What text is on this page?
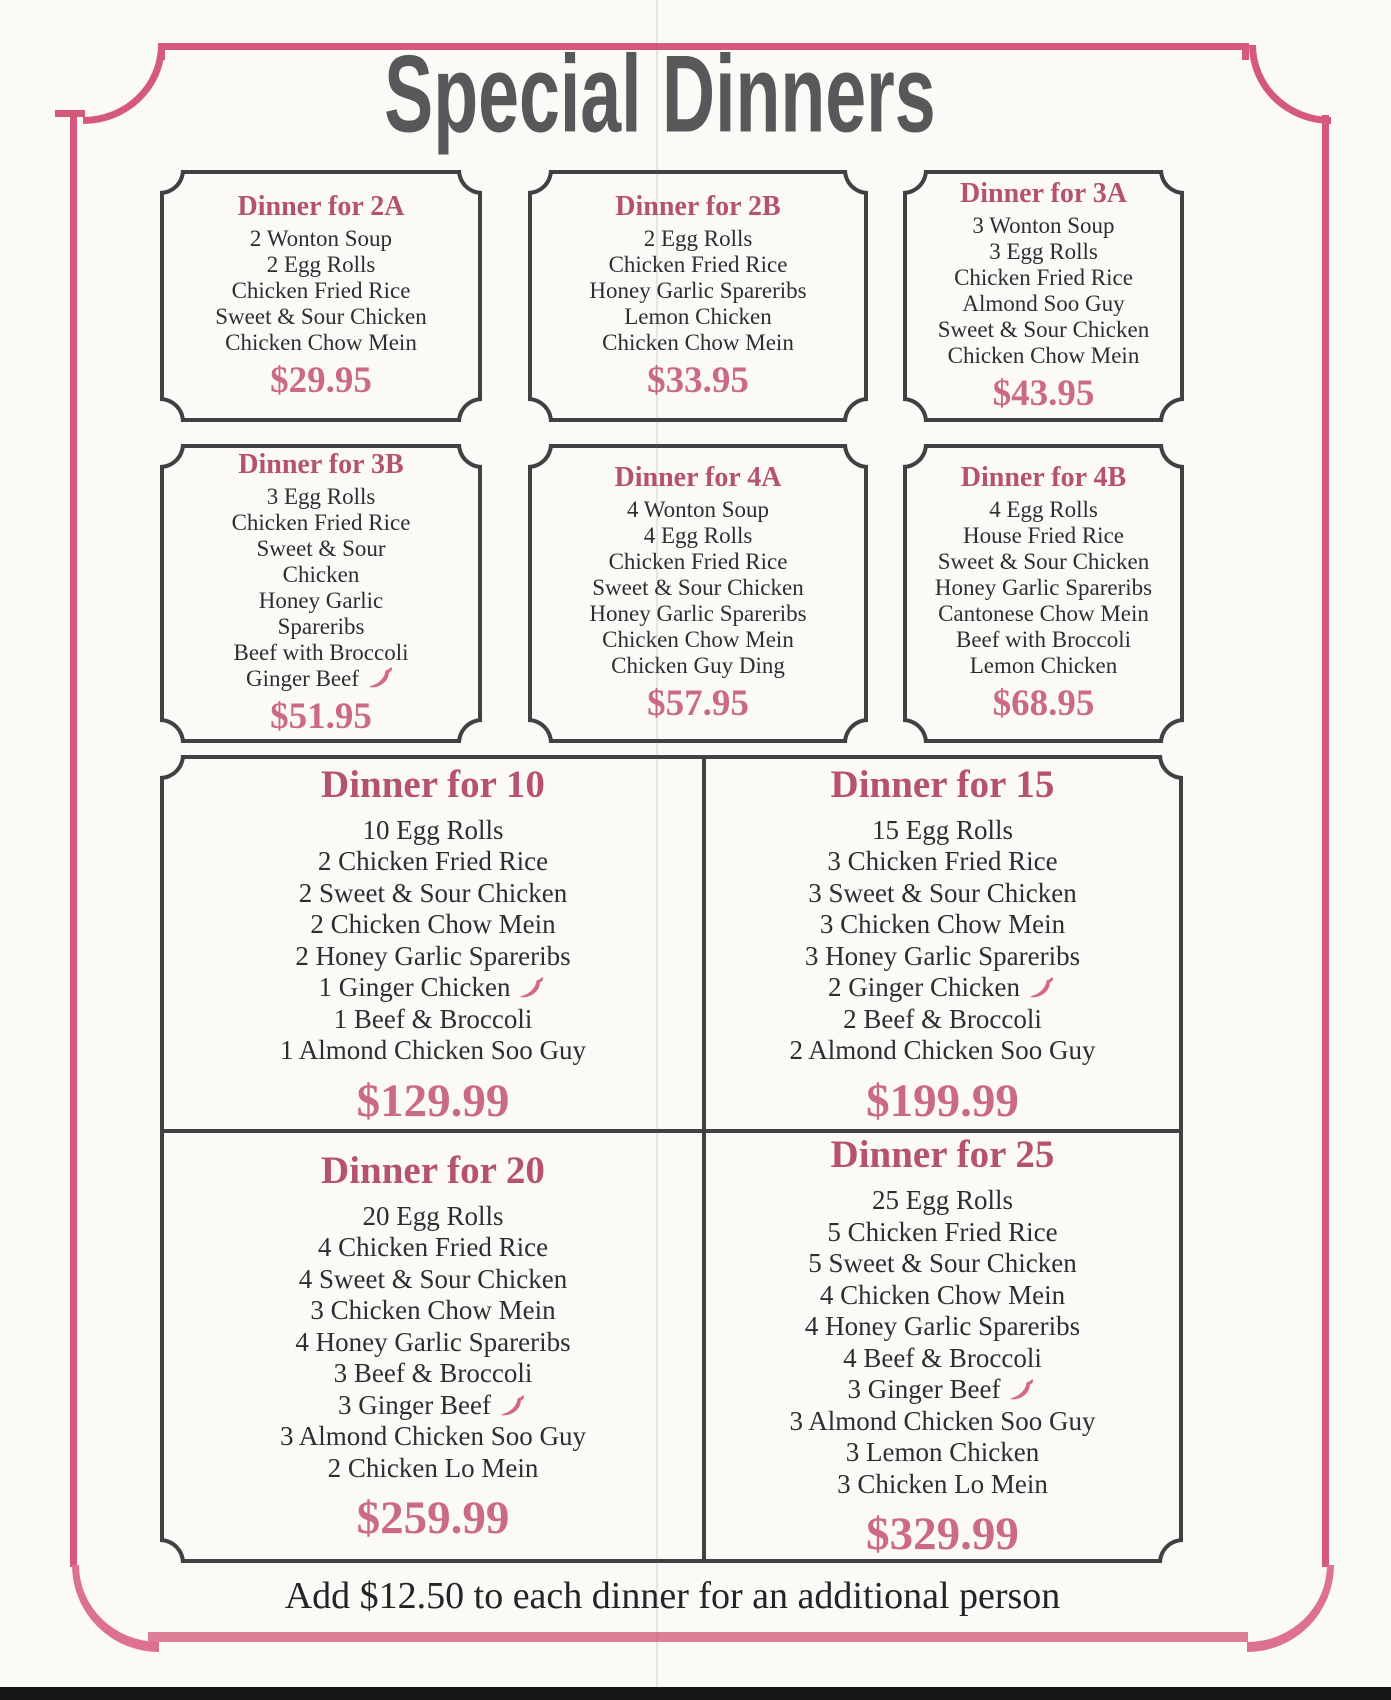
Special Dinners
Dinner for 2A
2 Wonton Soup
2 Egg Rolls
Chicken Fried Rice
Sweet & Sour Chicken
Chicken Chow Mein
$29.95
Dinner for 2B
2 Egg Rolls
Chicken Fried Rice
Honey Garlic Spareribs
Lemon Chicken
Chicken Chow Mein
$33.95
Dinner for 3A
3 Wonton Soup
3 Egg Rolls
Chicken Fried Rice
Almond Soo Guy
Sweet & Sour Chicken
Chicken Chow Mein
$43.95
Dinner for 3B
3 Egg Rolls
Chicken Fried Rice
Sweet & Sour
Chicken
Honey Garlic
Spareribs
Beef with Broccoli
Ginger Beef
$51.95
Dinner for 4A
4 Wonton Soup
4 Egg Rolls
Chicken Fried Rice
Sweet & Sour Chicken
Honey Garlic Spareribs
Chicken Chow Mein
Chicken Guy Ding
$57.95
Dinner for 4B
4 Egg Rolls
House Fried Rice
Sweet & Sour Chicken
Honey Garlic Spareribs
Cantonese Chow Mein
Beef with Broccoli
Lemon Chicken
$68.95
Dinner for 10
10 Egg Rolls
2 Chicken Fried Rice
2 Sweet & Sour Chicken
2 Chicken Chow Mein
2 Honey Garlic Spareribs
1 Ginger Chicken
1 Beef & Broccoli
1 Almond Chicken Soo Guy
$129.99
Dinner for 15
15 Egg Rolls
3 Chicken Fried Rice
3 Sweet & Sour Chicken
3 Chicken Chow Mein
3 Honey Garlic Spareribs
2 Ginger Chicken
2 Beef & Broccoli
2 Almond Chicken Soo Guy
$199.99
Dinner for 20
20 Egg Rolls
4 Chicken Fried Rice
4 Sweet & Sour Chicken
3 Chicken Chow Mein
4 Honey Garlic Spareribs
3 Beef & Broccoli
3 Ginger Beef
3 Almond Chicken Soo Guy
2 Chicken Lo Mein
$259.99
Dinner for 25
25 Egg Rolls
5 Chicken Fried Rice
5 Sweet & Sour Chicken
4 Chicken Chow Mein
4 Honey Garlic Spareribs
4 Beef & Broccoli
3 Ginger Beef
3 Almond Chicken Soo Guy
3 Lemon Chicken
3 Chicken Lo Mein
$329.99
Add $12.50 to each dinner for an additional person
